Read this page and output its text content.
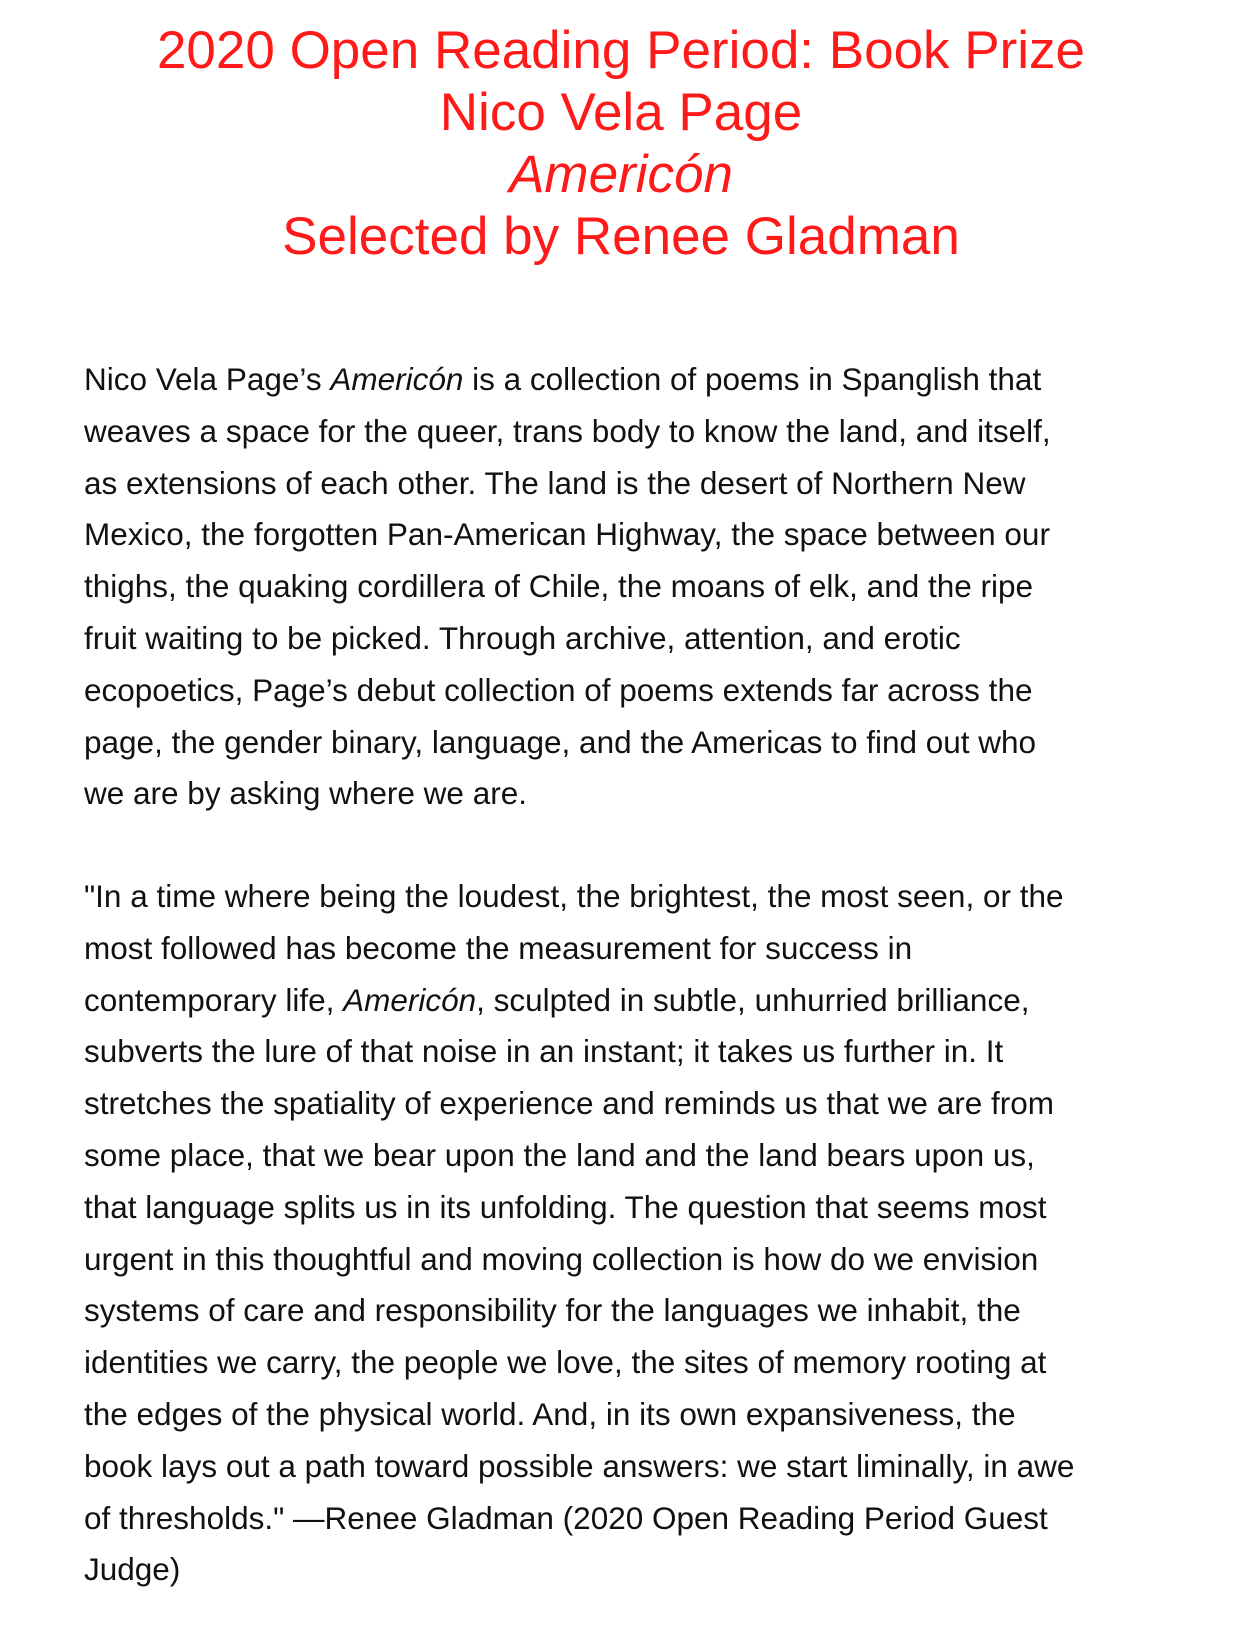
2020 Open Reading Period: Book Prize
Nico Vela Page
Americón
Selected by Renee Gladman
Nico Vela Page’s Americón is a collection of poems in Spanglish that
weaves a space for the queer, trans body to know the land, and itself,
as extensions of each other. The land is the desert of Northern New
Mexico, the forgotten Pan-American Highway, the space between our
thighs, the quaking cordillera of Chile, the moans of elk, and the ripe
fruit waiting to be picked. Through archive, attention, and erotic
ecopoetics, Page’s debut collection of poems extends far across the
page, the gender binary, language, and the Americas to find out who
we are by asking where we are.
"In a time where being the loudest, the brightest, the most seen, or the
most followed has become the measurement for success in
contemporary life, Americón, sculpted in subtle, unhurried brilliance,
subverts the lure of that noise in an instant; it takes us further in. It
stretches the spatiality of experience and reminds us that we are from
some place, that we bear upon the land and the land bears upon us,
that language splits us in its unfolding. The question that seems most
urgent in this thoughtful and moving collection is how do we envision
systems of care and responsibility for the languages we inhabit, the
identities we carry, the people we love, the sites of memory rooting at
the edges of the physical world. And, in its own expansiveness, the
book lays out a path toward possible answers: we start liminally, in awe
of thresholds." —Renee Gladman (2020 Open Reading Period Guest
Judge)
